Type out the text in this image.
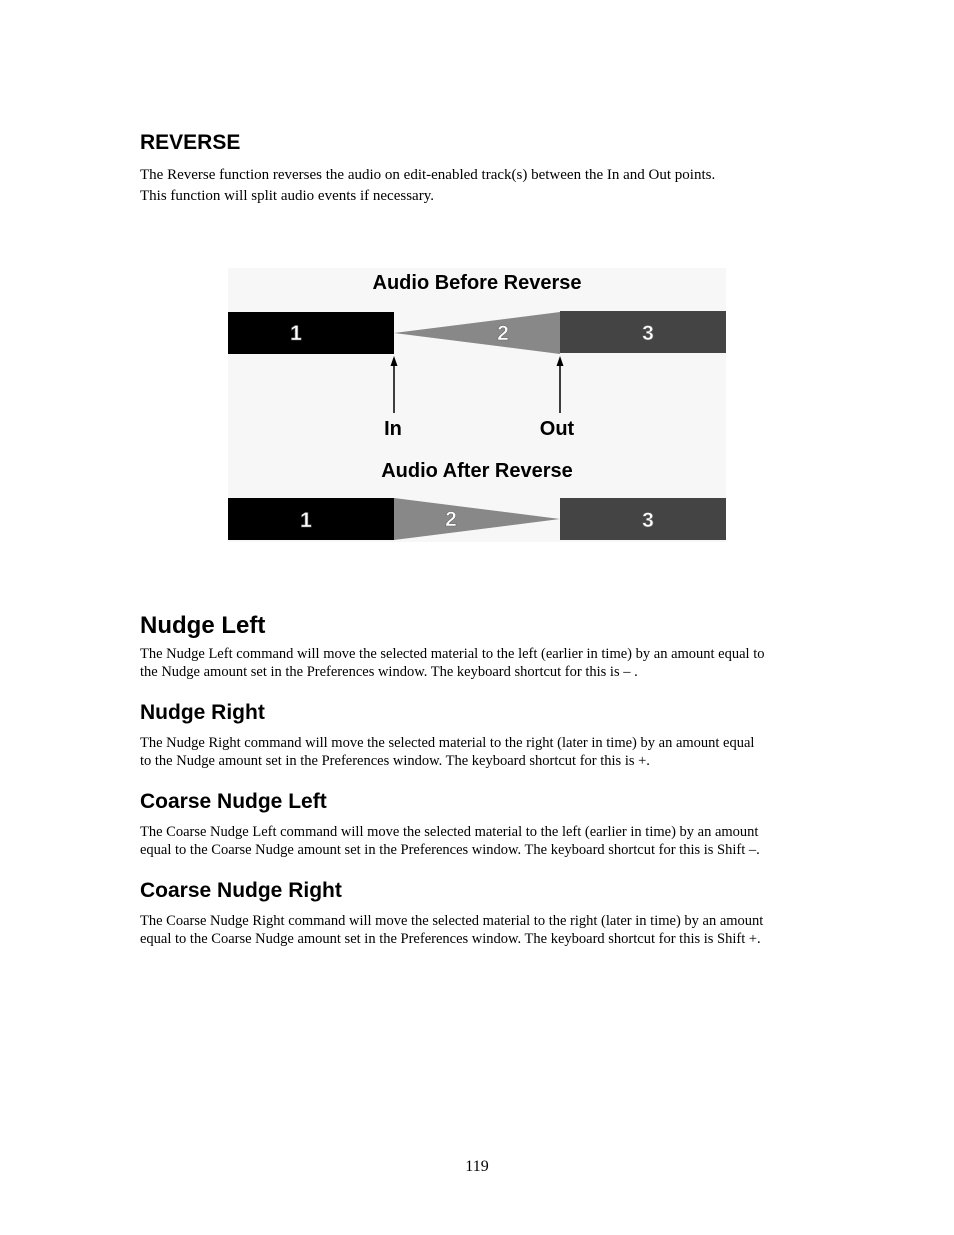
REVERSE

The Reverse function reverses the audio on edit-enabled track(s) between the In and Out points.
This function will split audio events if necessary.

Audio Before Reverse
1	2	3
In	Out
Audio After Reverse
1	2	3
Nudge Left

The Nudge Left command will move the selected material to the left (earlier in time) by an amount equal to
the Nudge amount set in the Preferences window. The keyboard shortcut for this is – .

Nudge Right

The Nudge Right command will move the selected material to the right (later in time) by an amount equal
to the Nudge amount set in the Preferences window. The keyboard shortcut for this is +.

Coarse Nudge Left

The Coarse Nudge Left command will move the selected material to the left (earlier in time) by an amount
equal to the Coarse Nudge amount set in the Preferences window. The keyboard shortcut for this is Shift –.

Coarse Nudge Right

The Coarse Nudge Right command will move the selected material to the right (later in time) by an amount
equal to the Coarse Nudge amount set in the Preferences window. The keyboard shortcut for this is Shift +.

119
